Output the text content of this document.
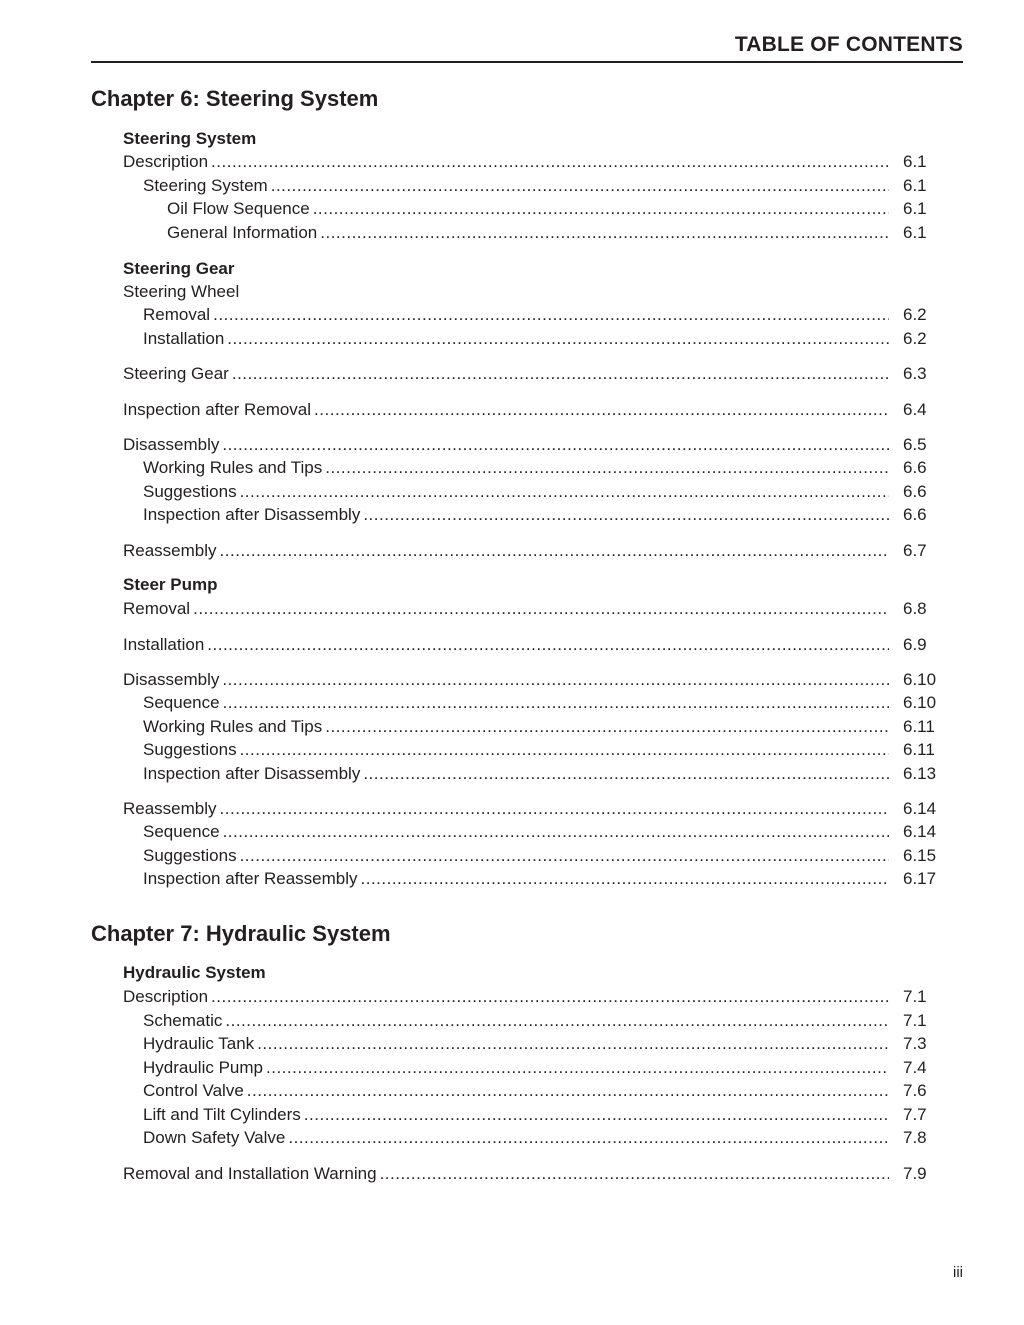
TABLE OF CONTENTS
Chapter 6: Steering System
Steering System
Description .....	6.1
Steering System .....	6.1
Oil Flow Sequence .....	6.1
General Information .....	6.1
Steering Gear
Steering Wheel
Removal .....	6.2
Installation .....	6.2
Steering Gear .....	6.3
Inspection after Removal .....	6.4
Disassembly .....	6.5
Working Rules and Tips .....	6.6
Suggestions .....	6.6
Inspection after Disassembly .....	6.6
Reassembly .....	6.7
Steer Pump
Removal .....	6.8
Installation .....	6.9
Disassembly .....	6.10
Sequence .....	6.10
Working Rules and Tips .....	6.11
Suggestions .....	6.11
Inspection after Disassembly .....	6.13
Reassembly .....	6.14
Sequence .....	6.14
Suggestions .....	6.15
Inspection after Reassembly .....	6.17
Chapter 7: Hydraulic System
Hydraulic System
Description .....	7.1
Schematic .....	7.1
Hydraulic Tank .....	7.3
Hydraulic Pump .....	7.4
Control Valve .....	7.6
Lift and Tilt Cylinders .....	7.7
Down Safety Valve .....	7.8
Removal and Installation Warning .....	7.9
iii
